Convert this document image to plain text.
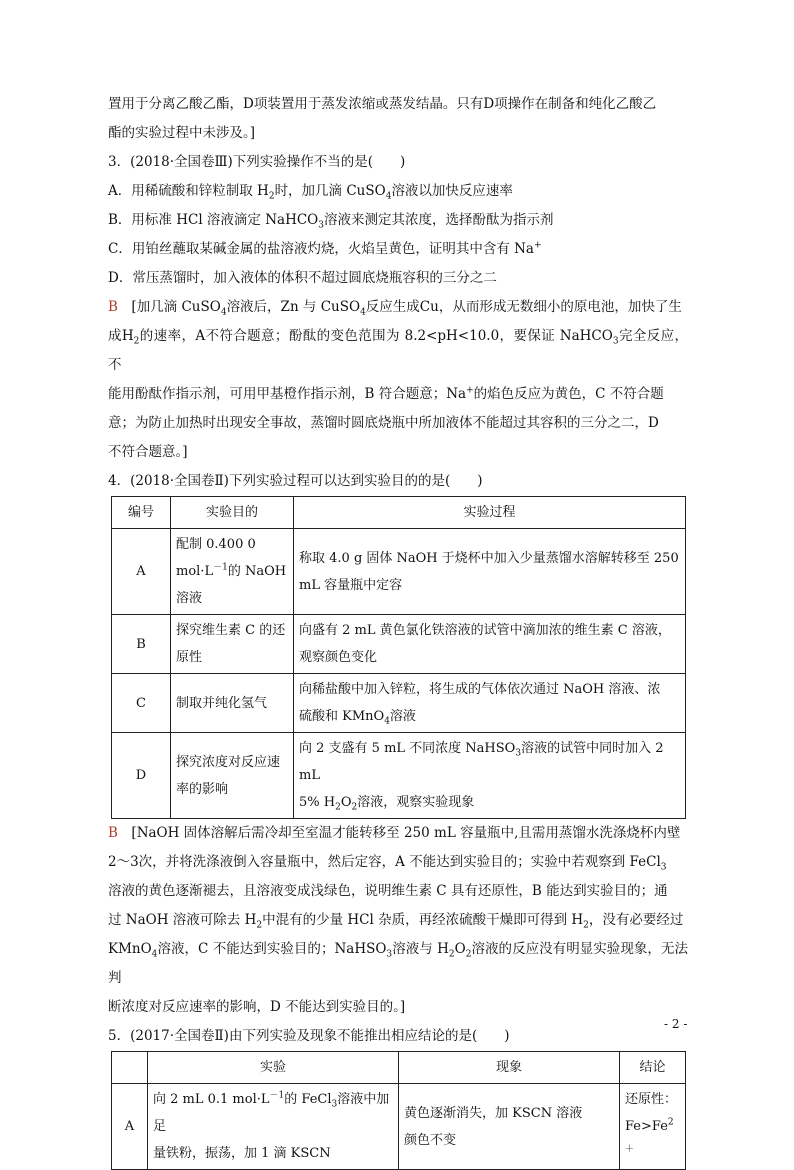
置用于分离乙酸乙酯，D项装置用于蒸发浓缩或蒸发结晶。只有D项操作在制备和纯化乙酸乙

酯的实验过程中未涉及。]

3．(2018·全国卷Ⅲ)下列实验操作不当的是(　　)

A．用稀硫酸和锌粒制取 $H_2$时，加几滴 CuSO$_4$溶液以加快反应速率

B．用标准 HCl 溶液滴定 NaHCO$_3$溶液来测定其浓度，选择酚酞为指示剂

C．用铂丝蘸取某碱金属的盐溶液灼烧，火焰呈黄色，证明其中含有 Na+

D．常压蒸馏时，加入液体的体积不超过圆底烧瓶容积的三分之二

B　 [加几滴 CuSO$_4$溶液后，Zn 与 CuSO$_4$反应生成Cu，从而形成无数细小的原电池，加快了生

成$H_2$的速率，A不符合题意；酚酞的变色范围为 8.2<pH<10.0，要保证 NaHCO$_3$完全反应，不

能用酚酞作指示剂，可用甲基橙作指示剂，B 符合题意；Na+的焰色反应为黄色，C 不符合题

意；为防止加热时出现安全事故，蒸馏时圆底烧瓶中所加液体不能超过其容积的三分之二，D

不符合题意。]

4．(2018·全国卷Ⅱ)下列实验过程可以达到实验目的的是(　　)

编号	实验目的	实验过程
A	配制 0.400 0
$mol\cdot L^{-1}$的 NaOH
溶液	称取 4.0 g 固体 NaOH 于烧杯中加入少量蒸馏水溶解转移至 250
mL 容量瓶中定容
B	探究维生素 C 的还
原性	向盛有 2 mL 黄色氯化铁溶液的试管中滴加浓的维生素 C 溶液，
观察颜色变化
C	制取并纯化氢气	向稀盐酸中加入锌粒，将生成的气体依次通过 NaOH 溶液、浓
硫酸和 KMnO$_4$溶液
D	探究浓度对反应速
率的影响	向 2 支盛有 5 mL 不同浓度 NaHSO$_3$溶液的试管中同时加入 2 mL
5% $H_2O_2$溶液，观察实验现象

B　 [NaOH 固体溶解后需冷却至室温才能转移至 250 mL 容量瓶中,且需用蒸馏水洗涤烧杯内壁

2～3次，并将洗涤液倒入容量瓶中，然后定容，A 不能达到实验目的；实验中若观察到 FeCl$_3$

溶液的黄色逐渐褪去，且溶液变成浅绿色，说明维生素 C 具有还原性，B 能达到实验目的；通

过 NaOH 溶液可除去 $H_2$中混有的少量 HCl 杂质，再经浓硫酸干燥即可得到 $H_2$，没有必要经过

KMnO$_4$溶液，C 不能达到实验目的；NaHSO$_3$溶液与 $H_2O_2$溶液的反应没有明显实验现象，无法判

断浓度对反应速率的影响，D 不能达到实验目的。]

5．(2017·全国卷Ⅱ)由下列实验及现象不能推出相应结论的是(　　)

	实验	现象	结论
A	向 2 mL 0.1 $mol\cdot L^{-1}$的 FeCl$_3$溶液中加足
量铁粉，振荡，加 1 滴 KSCN	黄色逐渐消失，加 KSCN 溶液
颜色不变	还原性：
$Fe>Fe^{2+}$
- 2 -
